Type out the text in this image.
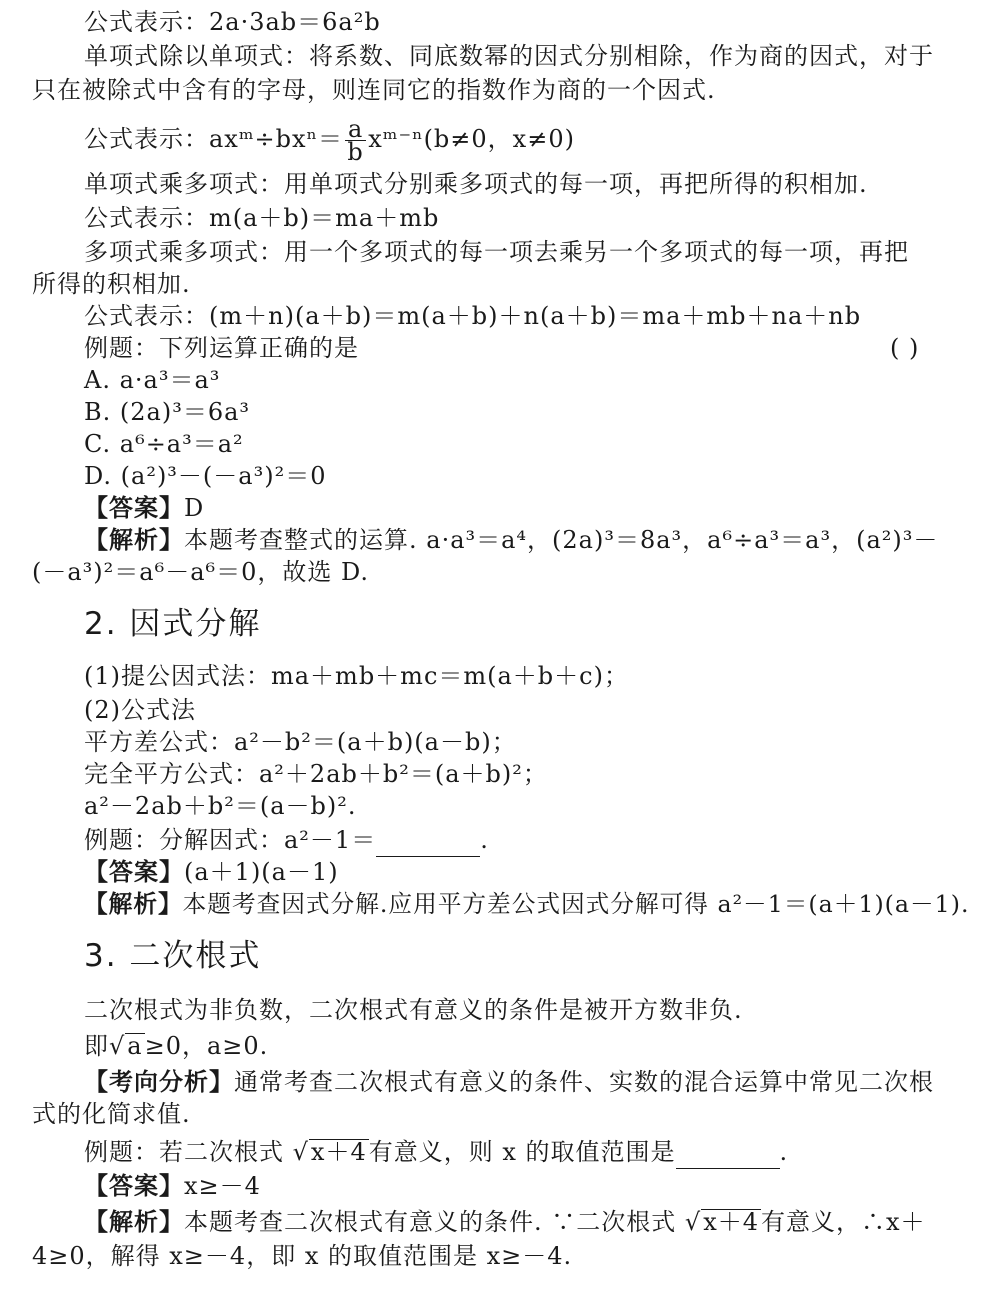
公式表示：2a·3ab＝6a²b
单项式除以单项式：将系数、同底数幂的因式分别相除，作为商的因式，对于
只在被除式中含有的字母，则连同它的指数作为商的一个因式.
公式表示：axᵐ÷bxⁿ＝ $\frac{a}{b}$ xᵐ⁻ⁿ(b≠0，x≠0)
单项式乘多项式：用单项式分别乘多项式的每一项，再把所得的积相加.
公式表示：m(a＋b)＝ma＋mb
多项式乘多项式：用一个多项式的每一项去乘另一个多项式的每一项，再把
所得的积相加.
公式表示：(m＋n)(a＋b)＝m(a＋b)＋n(a＋b)＝ma＋mb＋na＋nb
例题：下列运算正确的是	( )
A. a·a³＝a³
B. (2a)³＝6a³
C. a⁶÷a³＝a²
D. (a²)³－(－a³)²＝0
【答案】D
【解析】本题考查整式的运算. a·a³＝a⁴，(2a)³＝8a³，a⁶÷a³＝a³，(a²)³－
(－a³)²＝a⁶－a⁶＝0，故选 D.
2. 因式分解
(1)提公因式法：ma＋mb＋mc＝m(a＋b＋c)；
(2)公式法
平方差公式：a²－b²＝(a＋b)(a－b)；
完全平方公式：a²＋2ab＋b²＝(a＋b)²；
a²－2ab＋b²＝(a－b)².
例题：分解因式：a²－1＝	.
【答案】(a＋1)(a－1)
【解析】本题考查因式分解.应用平方差公式因式分解可得 a²－1＝(a＋1)(a－1).
3. 二次根式
二次根式为非负数，二次根式有意义的条件是被开方数非负.
即√a≥0，a≥0.
【考向分析】通常考查二次根式有意义的条件、实数的混合运算中常见二次根
式的化简求值.
例题：若二次根式 √x＋4有意义，则 x 的取值范围是	.
【答案】x≥－4
【解析】本题考查二次根式有意义的条件. ∵二次根式 √x＋4有意义，∴x＋
4≥0，解得 x≥－4，即 x 的取值范围是 x≥－4.
